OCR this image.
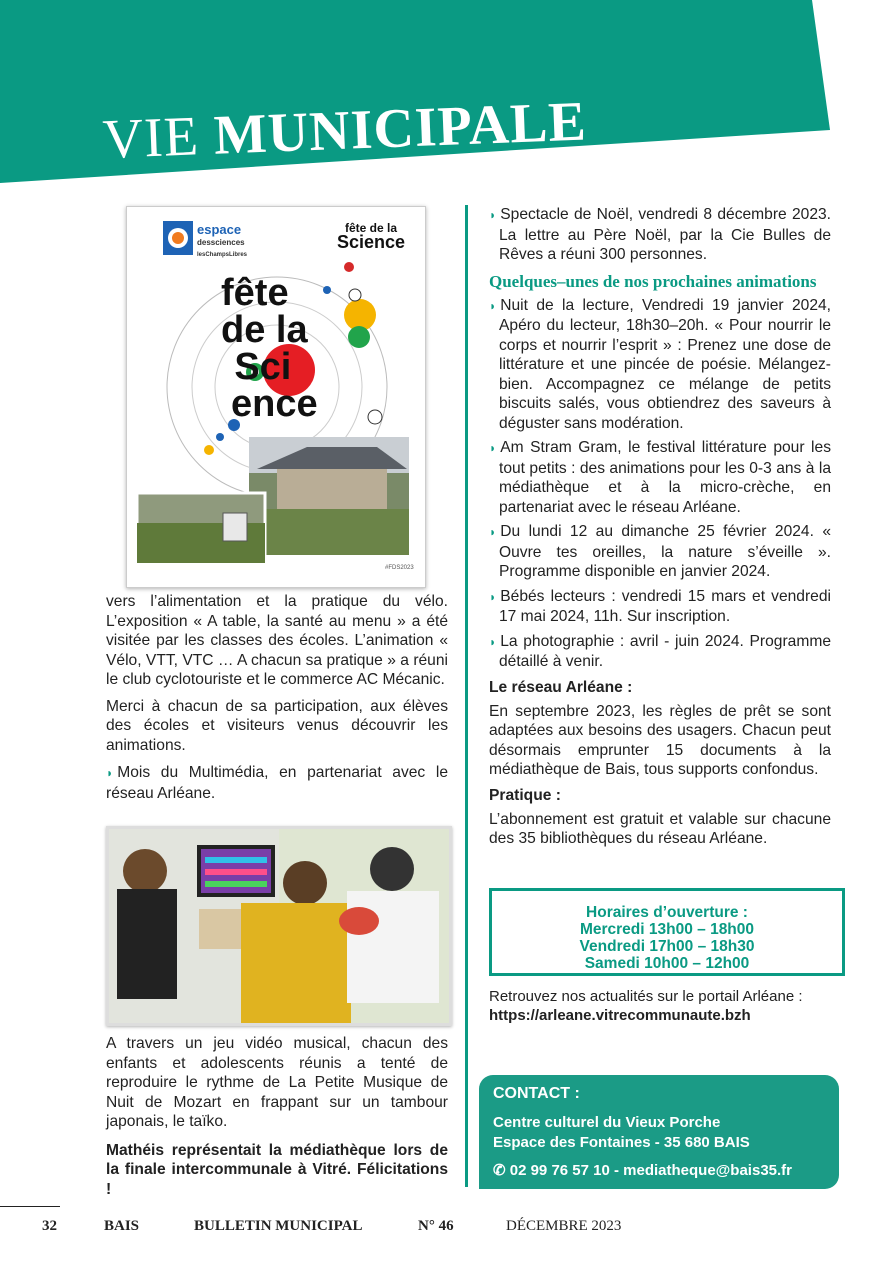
VIE MUNICIPALE
espace
dessciences
lesChampsLibres
fête de la
Science
fête
de la
•Sci
ence
#FDS2023

vers l’alimentation et la pratique du vélo. L’exposition « A table, la santé au menu » a été visitée par les classes des écoles. L’animation « Vélo, VTT, VTC … A chacun sa pratique » a réuni le club cyclotouriste et le commerce AC Mécanic.

Merci à chacun de sa participation, aux élèves des écoles et visiteurs venus découvrir les animations.

◗ Mois du Multimédia, en partenariat avec le réseau Arléane.

A travers un jeu vidéo musical, chacun des enfants et adolescents réunis a tenté de reproduire le rythme de La Petite Musique de Nuit de Mozart en frappant sur un tambour japonais, le taïko.

Mathéis représentait la médiathèque lors de la finale intercommunale à Vitré. Félicitations !

◗ Spectacle de Noël, vendredi 8 décembre 2023. La lettre au Père Noël, par la Cie Bulles de Rêves a réuni 300 personnes.

Quelques–unes de nos prochaines animations

◗ Nuit de la lecture, Vendredi 19 janvier 2024, Apéro du lecteur, 18h30–20h. « Pour nourrir le corps et nourrir l’esprit » : Prenez une dose de littérature et une pincée de poésie. Mélangez-bien. Accompagnez ce mélange de petits biscuits salés, vous obtiendrez des saveurs à déguster sans modération.

◗ Am Stram Gram, le festival littérature pour les tout petits : des animations pour les 0-3 ans à la médiathèque et à la micro-crèche, en partenariat avec le réseau Arléane.

◗ Du lundi 12 au dimanche 25 février 2024. « Ouvre tes oreilles, la nature s’éveille ». Programme disponible en janvier 2024.

◗ Bébés lecteurs : vendredi 15 mars et vendredi 17 mai 2024, 11h. Sur inscription.

◗ La photographie : avril - juin 2024. Programme détaillé à venir.

Le réseau Arléane :

En septembre 2023, les règles de prêt se sont adaptées aux besoins des usagers. Chacun peut désormais emprunter 15 documents à la médiathèque de Bais, tous supports confondus.

Pratique :

L’abonnement est gratuit et valable sur chacune des 35 bibliothèques du réseau Arléane.

Horaires d’ouverture :
Mercredi 13h00 – 18h00
Vendredi 17h00 – 18h30
Samedi 10h00 – 12h00
Retrouvez nos actualités sur le portail Arléane :
https://arleane.vitrecommunaute.bzh
CONTACT :
Centre culturel du Vieux Porche
Espace des Fontaines - 35 680 BAIS
✆ 02 99 76 57 10 - mediatheque@bais35.fr
32	BAIS	BULLETIN MUNICIPAL	N° 46	DÉCEMBRE 2023
